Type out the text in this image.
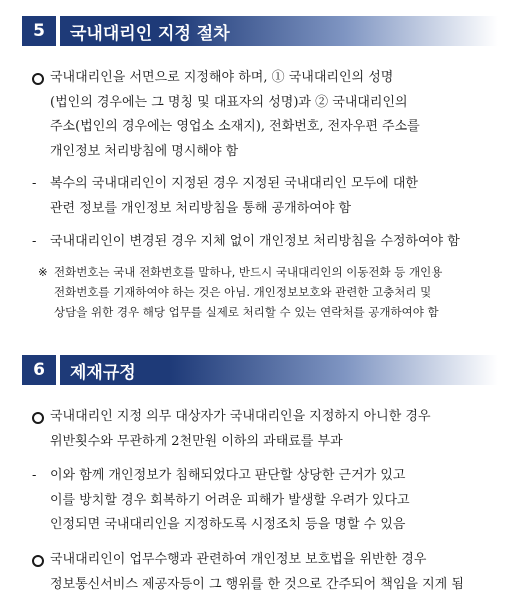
5	국내대리인 지정 절차
국내대리인을 서면으로 지정해야 하며, ① 국내대리인의 성명
(법인의 경우에는 그 명칭 및 대표자의 성명)과 ② 국내대리인의
주소(법인의 경우에는 영업소 소재지), 전화번호, 전자우편 주소를
개인정보 처리방침에 명시해야 함
-	복수의 국내대리인이 지정된 경우 지정된 국내대리인 모두에 대한
관련 정보를 개인정보 처리방침을 통해 공개하여야 함
-	국내대리인이 변경된 경우 지체 없이 개인정보 처리방침을 수정하여야 함
※ 전화번호는 국내 전화번호를 말하나, 반드시 국내대리인의 이동전화 등 개인용
전화번호를 기재하여야 하는 것은 아님. 개인정보보호와 관련한 고충처리 및
상담을 위한 경우 해당 업무를 실제로 처리할 수 있는 연락처를 공개하여야 함
6	제재규정
국내대리인 지정 의무 대상자가 국내대리인을 지정하지 아니한 경우
위반횟수와 무관하게 2천만원 이하의 과태료를 부과
-	이와 함께 개인정보가 침해되었다고 판단할 상당한 근거가 있고
이를 방치할 경우 회복하기 어려운 피해가 발생할 우려가 있다고
인정되면 국내대리인을 지정하도록 시정조치 등을 명할 수 있음
국내대리인이 업무수행과 관련하여 개인정보 보호법을 위반한 경우
정보통신서비스 제공자등이 그 행위를 한 것으로 간주되어 책임을 지게 됨
